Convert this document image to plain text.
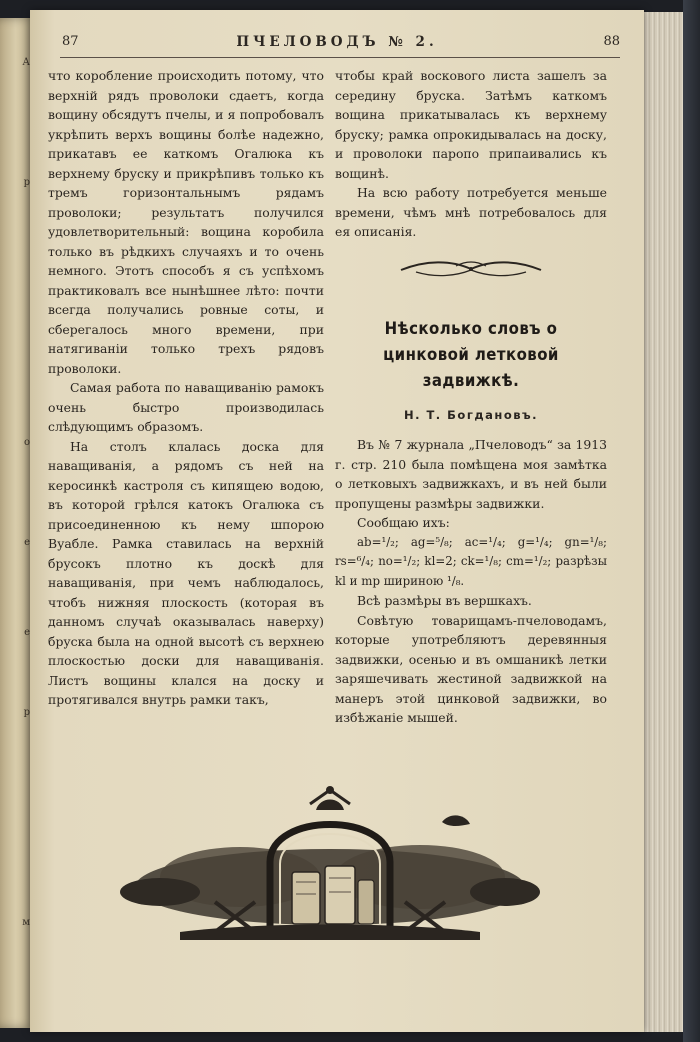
А
р
о
е
е
р
м
87	ПЧЕЛОВОДЪ № 2.	88

что короблениe происходить потому, что верхній рядъ проволоки сдаетъ, когда вощину обсядутъ пчелы, и я попробовалъ укрѣпить верхъ вощины болѣе надежно, прикатавъ ее каткомъ Огалюка къ верхнему бруску и прикрѣпивъ только къ тремъ горизонтальнымъ рядамъ проволоки; результатъ получился удовлетворительный: вощина коробила только въ рѣдкихъ случаяхъ и то очень немного. Этотъ способъ я съ успѣхомъ практиковалъ все нынѣшнее лѣто: почти всегда получались ровные соты, и сберегалось много времени, при натягиваніи только трехъ рядовъ проволоки.

Самая работа по навaщиванію рамокъ очень быстро производилась слѣдующимъ образомъ.

На столъ клалась доска для навaщиванія, а рядомъ съ ней на керосинкѣ кастроля съ кипящею водою, въ которой грѣлся катокъ Огалюка съ присоединенною къ нему шпорою Вуаблe. Рамка ставилась на верхній брусокъ плотно къ доскѣ для навaщиванія, при чемъ наблюдалось, чтобъ нижняя плоскость (которая въ данномъ случаѣ оказывалась наверху) бруска была на одной высотѣ съ верхнею плоскостью доски для навaщиванія. Листъ вощины клался на доску и протягивался внутрь рамки такъ,

чтобы край воскового листа зашелъ за середину бруска. Затѣмъ каткомъ вощина прикатывалась къ верхнему бруску; рамка опрокидывалась на доску, и проволоки паропо припаивались къ вощинѣ.

На всю работу потребуется меньше времени, чѣмъ мнѣ потребовалось для ея описанія.

Нѣсколько словъ о цинковой летковой задвижкѣ.
Н. Т. Богдановъ.

Въ № 7 журнала „Пчеловодъ“ за 1913 г. стр. 210 была помѣщена моя замѣтка о летковыхъ задвижкахъ, и въ ней были пропущены размѣры задвижки.

Сообщаю ихъ:

ab=¹/₂; ag=⁵/₈; ac=¹/₄; g=¹/₄; gn=¹/₈; rs=⁶/₄; no=¹/₂; kl=2; ck=¹/₈; cm=¹/₂; разрѣзы kl и mp шириною ¹/₈.

Всѣ размѣры въ вершкахъ.

Совѣтую товарищамъ-пчеловодамъ, которые употребляютъ деревянныя задвижки, осенью и въ омшаникѣ летки заряшечивать жестиной задвижкой на манеръ этой цинковой задвижки, во избѣжаніе мышей.
